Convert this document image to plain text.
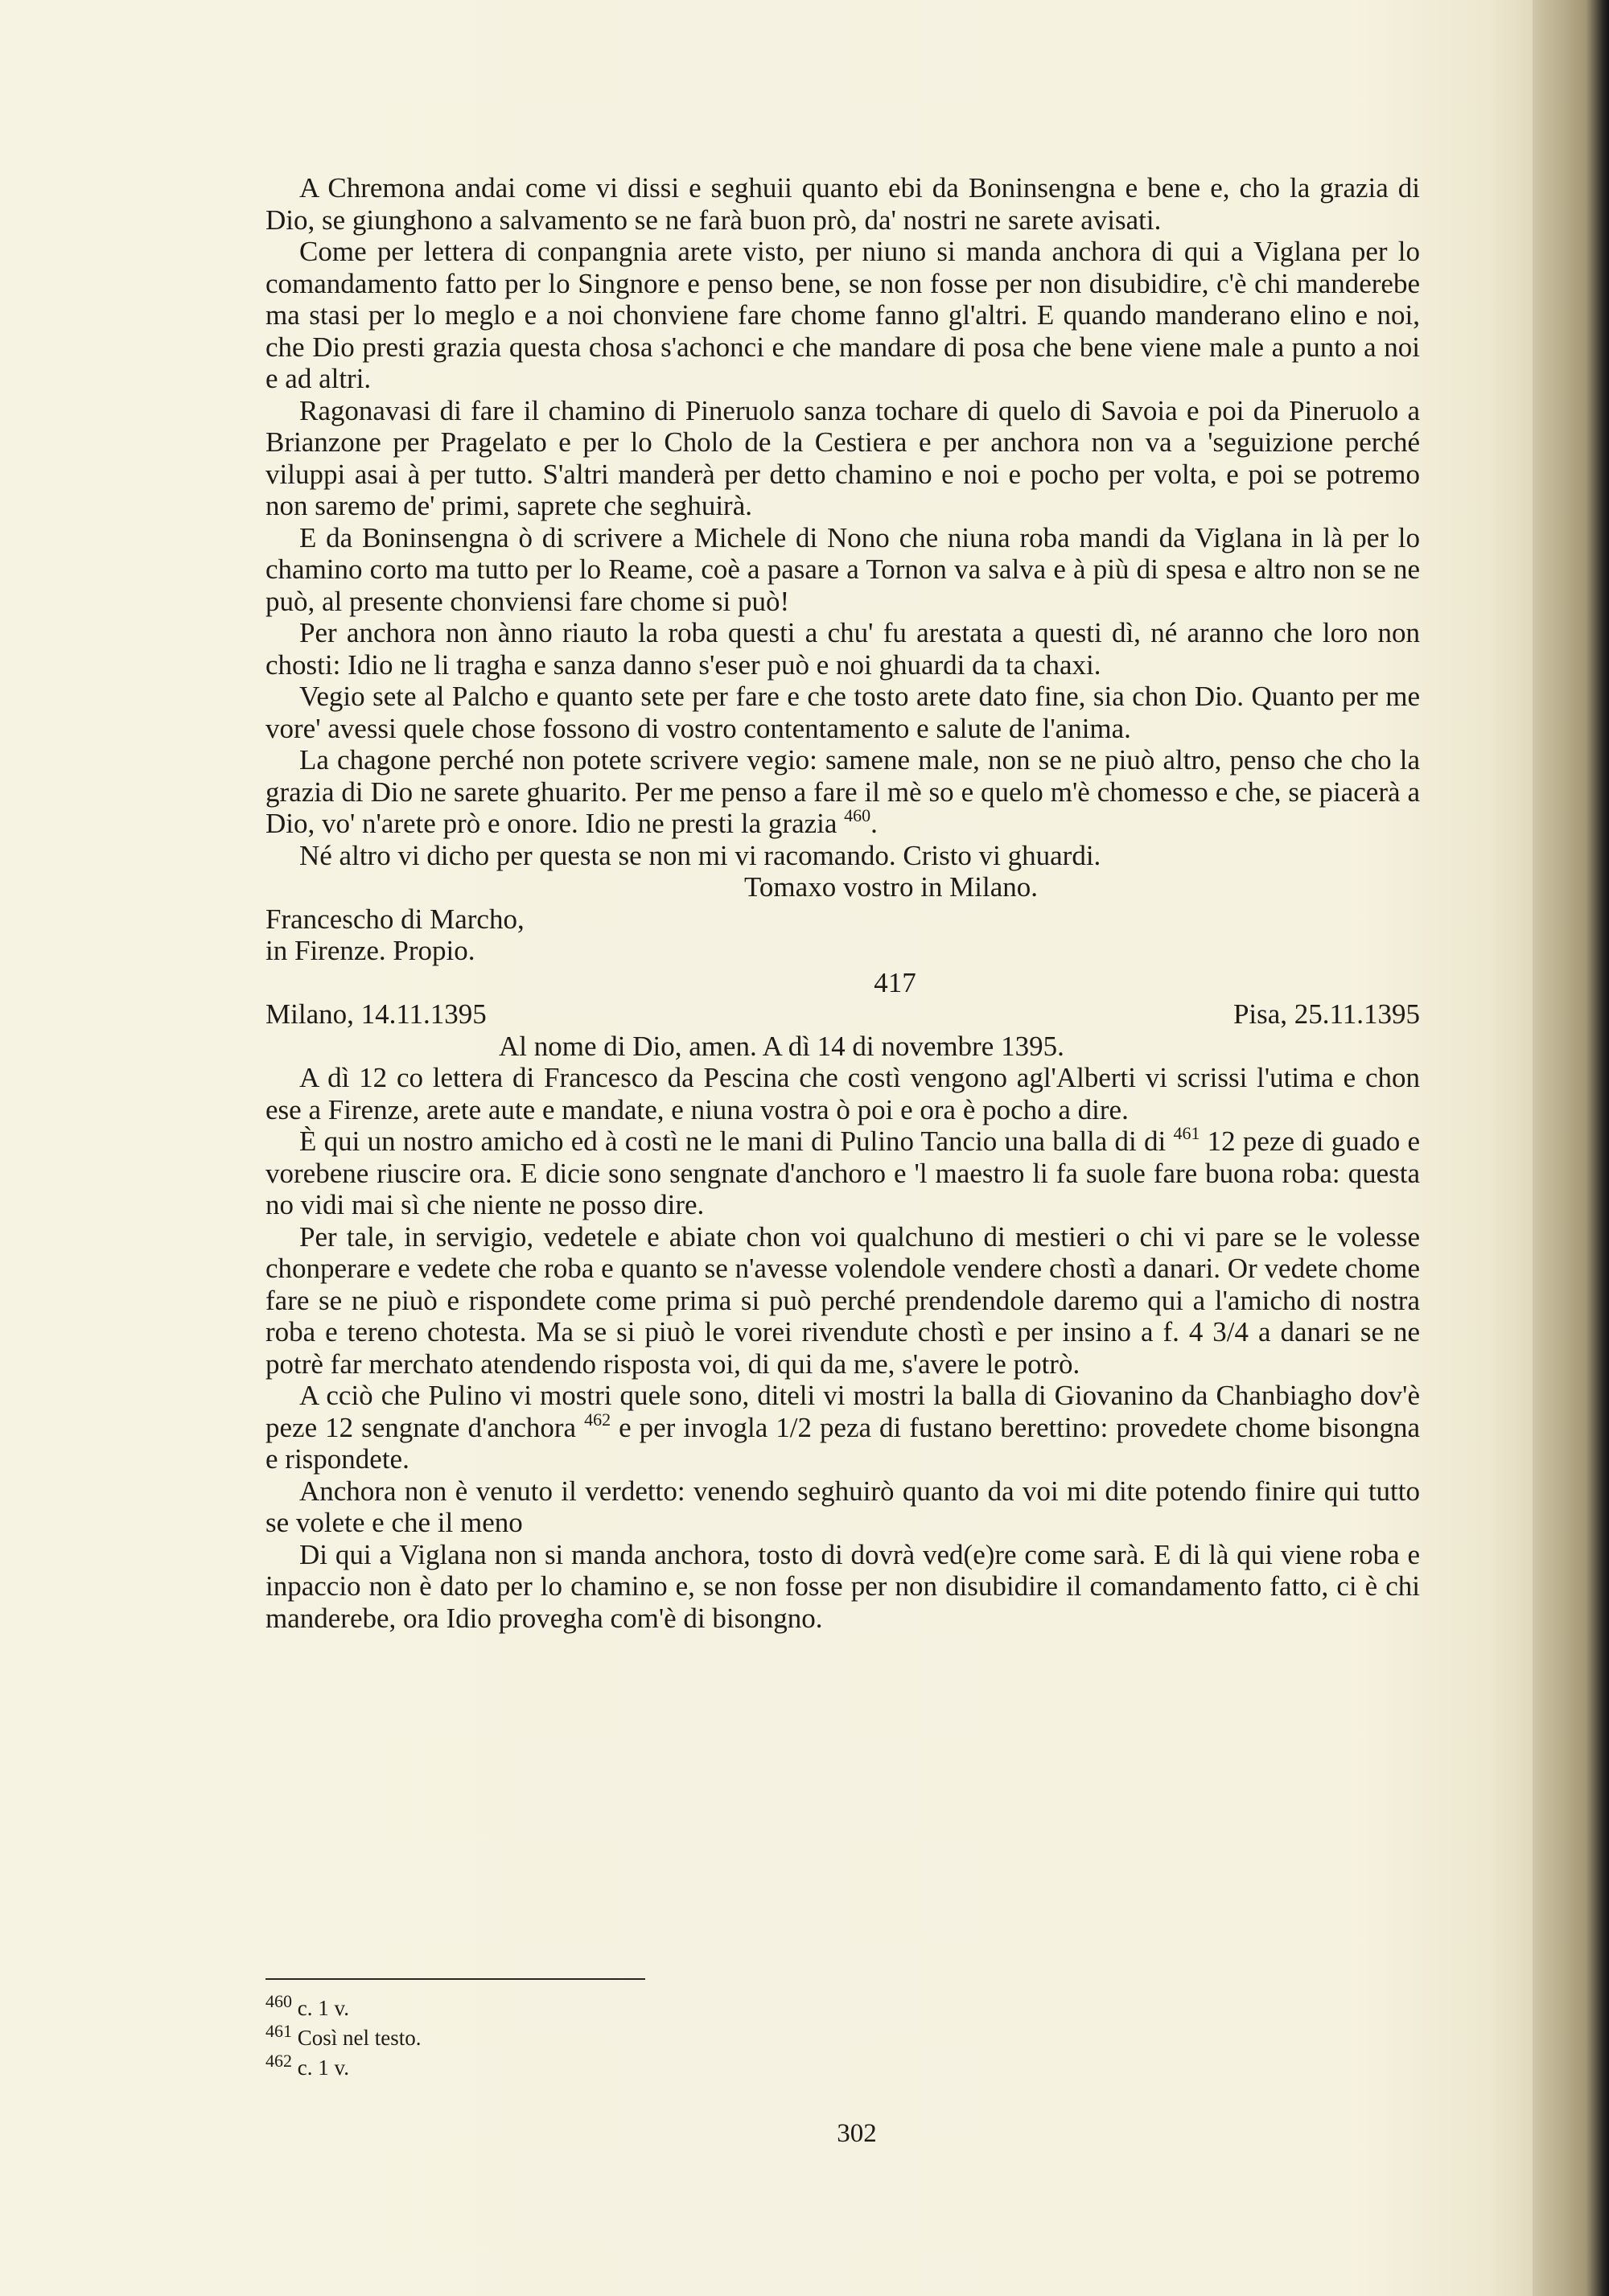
A Chremona andai come vi dissi e seghuii quanto ebi da Boninsengna e bene e, cho la grazia di Dio, se giunghono a salvamento se ne farà buon prò, da' nostri ne sarete avisati.

Come per lettera di conpangnia arete visto, per niuno si manda anchora di qui a Viglana per lo comandamento fatto per lo Singnore e penso bene, se non fosse per non disubidire, c'è chi manderebe ma stasi per lo meglo e a noi chonviene fare chome fanno gl'altri. E quando manderano elino e noi, che Dio presti grazia questa chosa s'achonci e che mandare di posa che bene viene male a punto a noi e ad altri.

Ragonavasi di fare il chamino di Pineruolo sanza tochare di quelo di Savoia e poi da Pineruolo a Brianzone per Pragelato e per lo Cholo de la Cestiera e per anchora non va a 'seguizione perché viluppi asai à per tutto. S'altri manderà per detto chamino e noi e pocho per volta, e poi se potremo non saremo de' primi, saprete che seghuirà.

E da Boninsengna ò di scrivere a Michele di Nono che niuna roba mandi da Viglana in là per lo chamino corto ma tutto per lo Reame, coè a pasare a Tornon va salva e à più di spesa e altro non se ne può, al presente chonviensi fare chome si può!

Per anchora non ànno riauto la roba questi a chu' fu arestata a questi dì, né aranno che loro non chosti: Idio ne li tragha e sanza danno s'eser può e noi ghuardi da ta chaxi.

Vegio sete al Palcho e quanto sete per fare e che tosto arete dato fine, sia chon Dio. Quanto per me vore' avessi quele chose fossono di vostro contentamento e salute de l'anima.

La chagone perché non potete scrivere vegio: samene male, non se ne piuò altro, penso che cho la grazia di Dio ne sarete ghuarito. Per me penso a fare il mè so e quelo m'è chomesso e che, se piacerà a Dio, vo' n'arete prò e onore. Idio ne presti la grazia $^{460}$.

Né altro vi dicho per questa se non mi vi racomando. Cristo vi ghuardi.

Tomaxo vostro in Milano.

Francescho di Marcho,
in Firenze. Propio.

417

Milano, 14.11.1395	Pisa, 25.11.1395

Al nome di Dio, amen. A dì 14 di novembre 1395.

A dì 12 co lettera di Francesco da Pescina che costì vengono agl'Alberti vi scrissi l'utima e chon ese a Firenze, arete aute e mandate, e niuna vostra ò poi e ora è pocho a dire.

È qui un nostro amicho ed à costì ne le mani di Pulino Tancio una balla di di $^{461}$ 12 peze di guado e vorebene riuscire ora. E dicie sono sengnate d'anchoro e 'l maestro li fa suole fare buona roba: questa no vidi mai sì che niente ne posso dire.

Per tale, in servigio, vedetele e abiate chon voi qualchuno di mestieri o chi vi pare se le volesse chonperare e vedete che roba e quanto se n'avesse volendole vendere chostì a danari. Or vedete chome fare se ne piuò e rispondete come prima si può perché prendendole daremo qui a l'amicho di nostra roba e tereno chotesta. Ma se si piuò le vorei rivendute chostì e per insino a f. 4 3/4 a danari se ne potrè far merchato atendendo risposta voi, di qui da me, s'avere le potrò.

A cciò che Pulino vi mostri quele sono, diteli vi mostri la balla di Giovanino da Chanbiagho dov'è peze 12 sengnate d'anchora $^{462}$ e per invogla 1/2 peza di fustano berettino: provedete chome bisongna e rispondete.

Anchora non è venuto il verdetto: venendo seghuirò quanto da voi mi dite potendo finire qui tutto se volete e che il meno

Di qui a Viglana non si manda anchora, tosto di dovrà ved(e)re come sarà. E di là qui viene roba e inpaccio non è dato per lo chamino e, se non fosse per non disubidire il comandamento fatto, ci è chi manderebe, ora Idio provegha com'è di bisongno.

$^{460}$ c. 1 v.
$^{461}$ Così nel testo.
$^{462}$ c. 1 v.
302
